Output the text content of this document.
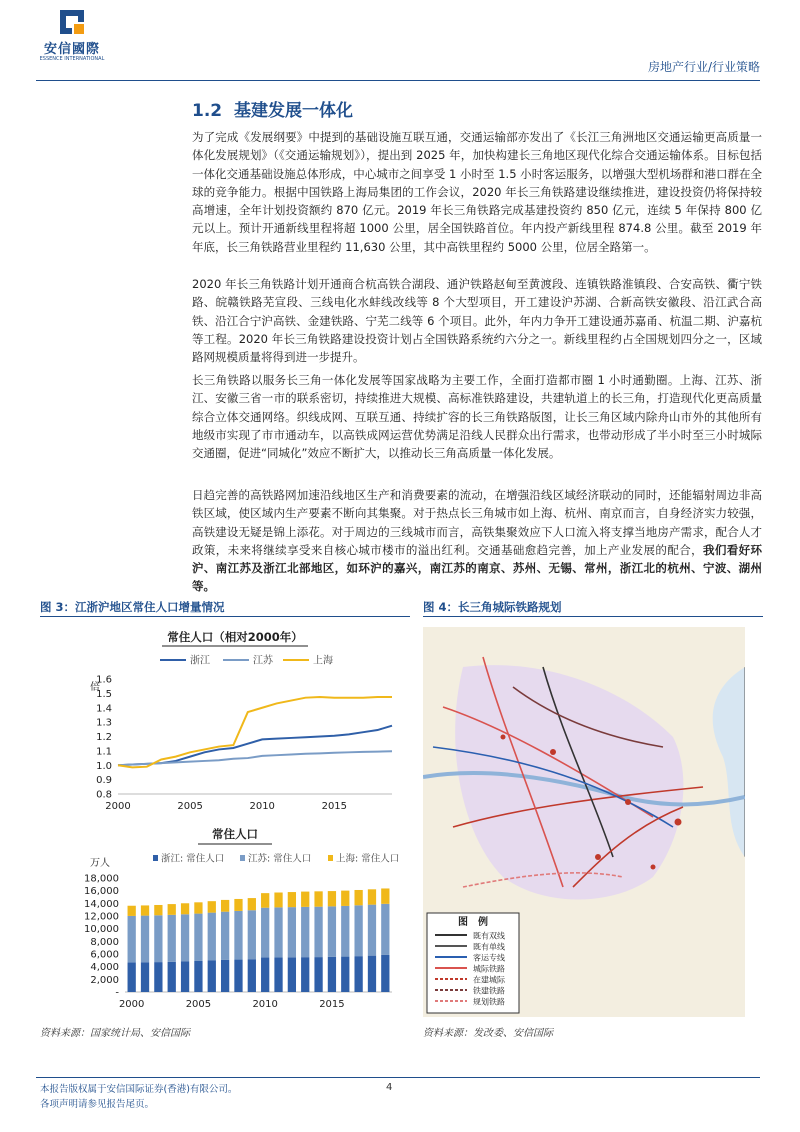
安信國際
ESSENCE INTERNATIONAL
房地产行业/行业策略
1.2 基建发展一体化

为了完成《发展纲要》中提到的基础设施互联互通，交通运输部亦发出了《长江三角洲地区交通运输更高质量一体化发展规划》（《交通运输规划》），提出到 2025 年，加快构建长三角地区现代化综合交通运输体系。目标包括一体化交通基础设施总体形成，中心城市之间享受 1 小时至 1.5 小时客运服务，以增强大型机场群和港口群在全球的竞争能力。根据中国铁路上海局集团的工作会议，2020 年长三角铁路建设继续推进，建设投资仍将保持较高增速，全年计划投资额约 870 亿元。2019 年长三角铁路完成基建投资约 850 亿元，连续 5 年保持 800 亿元以上。预计开通新线里程将超 1000 公里，居全国铁路首位。年内投产新线里程 874.8 公里。截至 2019 年年底，长三角铁路营业里程约 11,630 公里，其中高铁里程约 5000 公里，位居全路第一。

2020 年长三角铁路计划开通商合杭高铁合湖段、通沪铁路赵甸至黄渡段、连镇铁路淮镇段、合安高铁、衢宁铁路、皖赣铁路芜宣段、三线电化水蚌线改线等 8 个大型项目，开工建设沪苏湖、合新高铁安徽段、沿江武合高铁、沿江合宁沪高铁、金建铁路、宁芜二线等 6 个项目。此外，年内力争开工建设通苏嘉甬、杭温二期、沪嘉杭等工程。2020 年长三角铁路建设投资计划占全国铁路系统约六分之一。新线里程约占全国规划四分之一，区域路网规模质量将得到进一步提升。

长三角铁路以服务长三角一体化发展等国家战略为主要工作，全面打造都市圈 1 小时通勤圈。上海、江苏、浙江、安徽三省一市的联系密切，持续推进大规模、高标准铁路建设，共建轨道上的长三角，打造现代化更高质量综合立体交通网络。织线成网、互联互通、持续扩容的长三角铁路版图，让长三角区域内除舟山市外的其他所有地级市实现了市市通动车，以高铁成网运营优势满足沿线人民群众出行需求，也带动形成了半小时至三小时城际交通圈，促进“同城化”效应不断扩大，以推动长三角高质量一体化发展。

日趋完善的高铁路网加速沿线地区生产和消费要素的流动，在增强沿线区域经济联动的同时，还能辐射周边非高铁区域，使区域内生产要素不断向其集聚。对于热点长三角城市如上海、杭州、南京而言，自身经济实力较强，高铁建设无疑是锦上添花。对于周边的三线城市而言，高铁集聚效应下人口流入将支撑当地房产需求，配合人才政策，未来将继续享受来自核心城市楼市的溢出红利。交通基础愈趋完善，加上产业发展的配合，我们看好环沪、南江苏及浙江北部地区，如环沪的嘉兴，南江苏的南京、苏州、无锡、常州，浙江北的杭州、宁波、湖州等。

图 3：江浙沪地区常住人口增量情况	图 4：长三角城际铁路规划
常住人口（相对2000年）
倍
浙江	江苏	上海
1.6
1.5
1.4
1.3
1.2
1.1
1.0
0.9
0.8
2000	2005	2010	2015
常住人口
万人	浙江: 常住人口	江苏: 常住人口	上海: 常住人口
18,000
16,000
14,000
12,000
10,000
8,000
6,000
4,000
2,000
-
2000	2005	2010	2015
图　例
既有双线
既有单线
客运专线
城际铁路
在建城际
铁建铁路
规划铁路
资料来源：国家统计局、安信国际	资料来源：发改委、安信国际
本报告版权属于安信国际证券(香港)有限公司。
各项声明请参见报告尾页。
4
